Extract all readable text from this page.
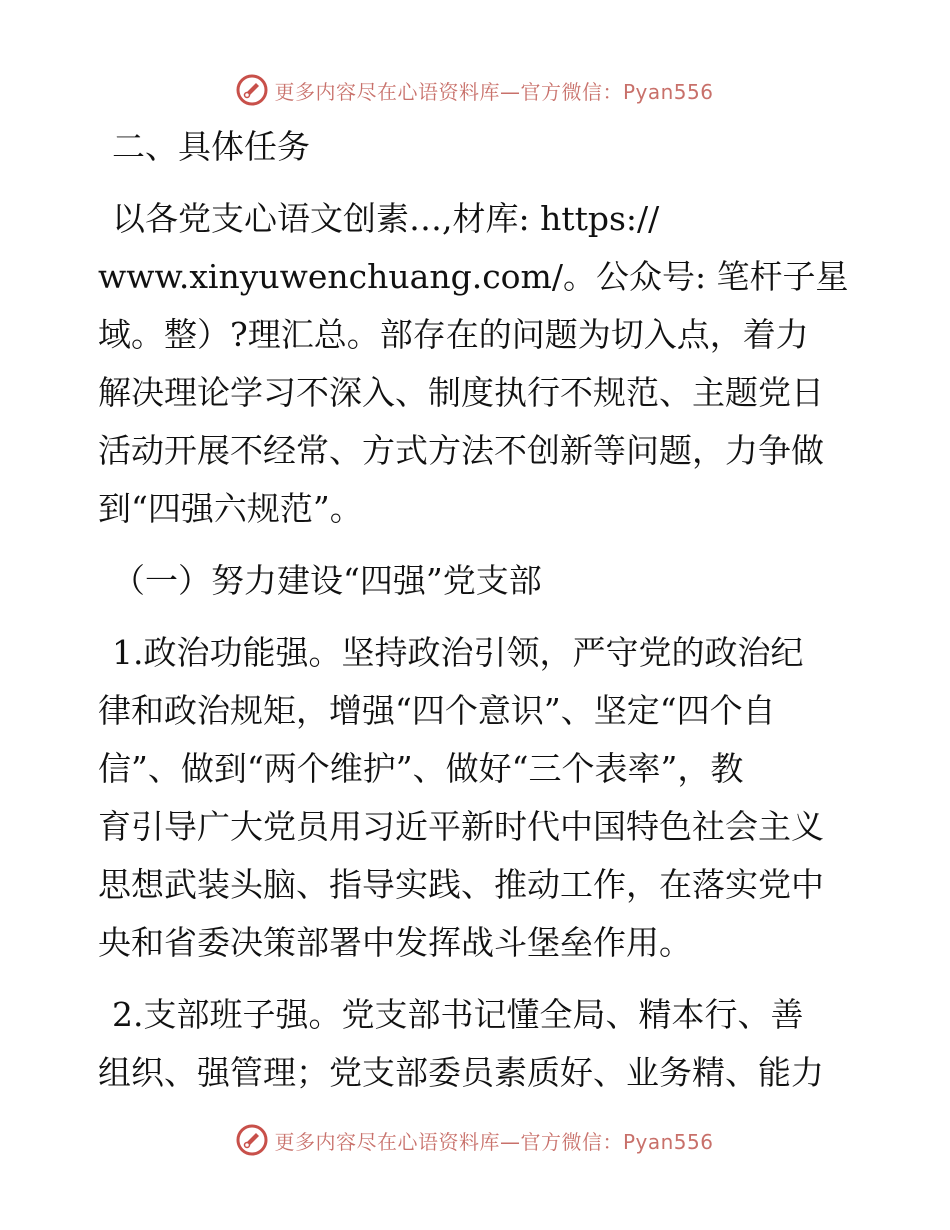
更多内容尽在心语资料库—官方微信：Pyan556

二、具体任务

以各党支心语文创素…,材库: https://

www.xinyuwenchuang.com/。公众号: 笔杆子星

域。整）?理汇总。部存在的问题为切入点，着力

解决理论学习不深入、制度执行不规范、主题党日

活动开展不经常、方式方法不创新等问题，力争做

到“四强六规范”。

（一）努力建设“四强”党支部

1.政治功能强。坚持政治引领，严守党的政治纪

律和政治规矩，增强“四个意识”、坚定“四个自

信”、做到“两个维护”、做好“三个表率”，教

育引导广大党员用习近平新时代中国特色社会主义

思想武装头脑、指导实践、推动工作，在落实党中

央和省委决策部署中发挥战斗堡垒作用。

2.支部班子强。党支部书记懂全局、精本行、善

组织、强管理；党支部委员素质好、业务精、能力

更多内容尽在心语资料库—官方微信：Pyan556
